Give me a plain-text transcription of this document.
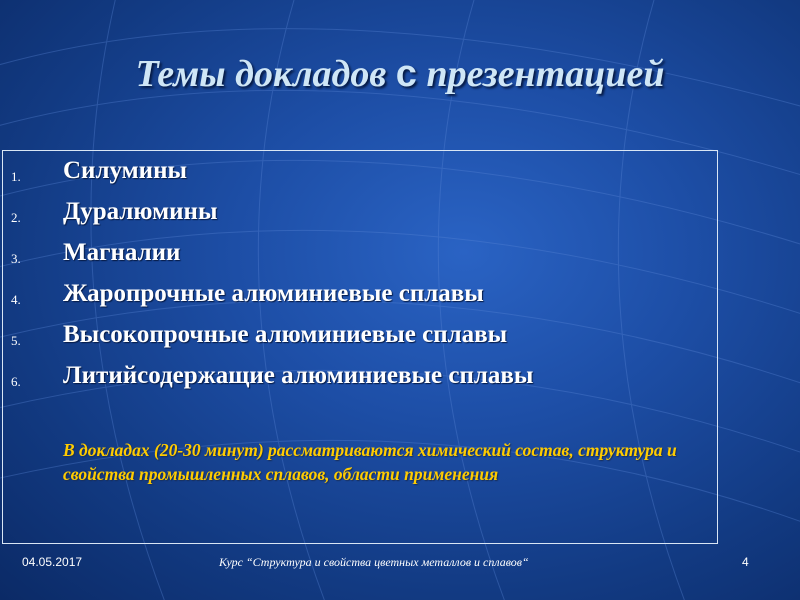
Темы докладов с презентацией
1.	Силумины
2.	Дуралюмины
3.	Магналии
4.	Жаропрочные алюминиевые сплавы
5.	Высокопрочные алюминиевые сплавы
6.	Литийсодержащие алюминиевые сплавы
В докладах (20-30 минут) рассматриваются химический состав, структура и свойства промышленных сплавов, области применения
04.05.2017	Курс “Структура и свойства цветных металлов и сплавов“	4
